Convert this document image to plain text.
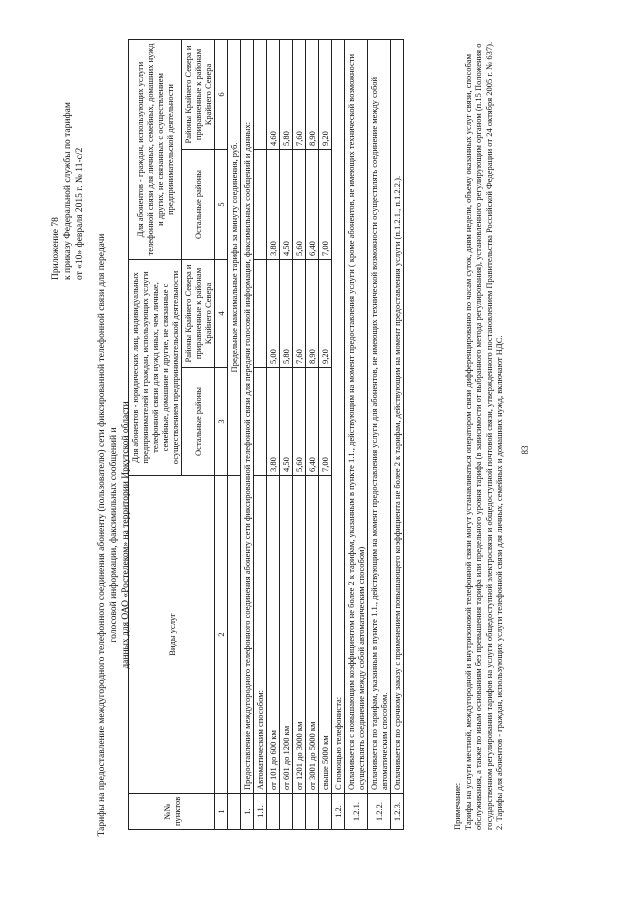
Приложение 78 к приказу Федеральной службы по тарифам от «10» февраля 2015 г. № 11-с/2
Тарифы на предоставление междугородного телефонного соединения абоненту (пользователю) сети фиксированной телефонной связи для передачи голосовой информации, факсимильных сообщений и данных для ОАО «Ростелеком» на территории Иркутской области
№№ пунктов	Виды услуг	Для абонентов - юридических лиц, индивидуальных предпринимателей и граждан, использующих услуги телефонной связи для нужд иных, чем личные, семейные, домашние и другие, не связанные с осуществлением предпринимательской деятельности		Для абонентов - граждан, использующих услуги телефонной связи для личных, семейных, домашних нужд и других, не связанных с осуществлением предпринимательской деятельности	
		Остальные районы	Районы Крайнего Севера и приравненные к районам Крайнего Севера	Остальные районы	Районы Крайнего Севера и приравненные к районам Крайнего Севера
1	2	3	4	5	6
		Предельные максимальные тарифы за минуту соединения, руб.			
1.	Предоставление междугородного телефонного соединения абоненту сети фиксированной телефонной связи для передачи голосовой информации, факсимильных сообщений и данных:				
1.1.	Автоматическим способом:				
	от 101 до 600 км	3,80	5,00	3,80	4,60
	от 601 до 1200 км	4,50	5,80	4,50	5,80
	от 1201 до 3000 км	5,60	7,60	5,60	7,60
	от 3001 до 5000 км	6,40	8,90	6,40	8,90
	свыше 5000 км	7,00	9,20	7,00	9,20
1.2.	С помощью телефониста:				
1.2.1.	Оплачивается с повышающим коэффициентом не более 2 к тарифам, указанным в пункте 1.1., действующим на момент предоставления услуги ( кроме абонентов, не имеющих технической возможности осуществлять соединение между собой автоматическим способом)				
1.2.2.	Оплачивается по тарифам, указанным в пункте 1.1., действующим на момент предоставления услуги для абонентов, не имеющих технической возможности осуществлять соединение между собой автоматическим способом.				
1.2.3.	Оплачивается по срочному заказу с применением повышающего коэффициента не более 2 к тарифам, действующим на момент предоставления услуги (п.1.2.1., п.1.2.2.).				
Примечание: Тарифы на услуги местной, междугородной и внутризоновой телефонной связи могут устанавливаться оператором связи дифференцированно по часам суток, дням недели, объему оказанных услуг связи, способам обслуживания, а также по иным основаниям без превышения тарифа или предельного уровня тарифа (в зависимости от выбранного метода регулирования), установленного регулирующим органом (п.15 Положения о государственном регулировании тарифов на услуги общедоступной электросвязи и общедоступной почтовой связи, утвержденного постановлением Правительства Российской Федерации от 24 октября 2005 г. № 637). 2. Тарифы для абонентов - граждан, использующих услуги телефонной связи для личных, семейных и домашних нужд, включают НДС. 83
